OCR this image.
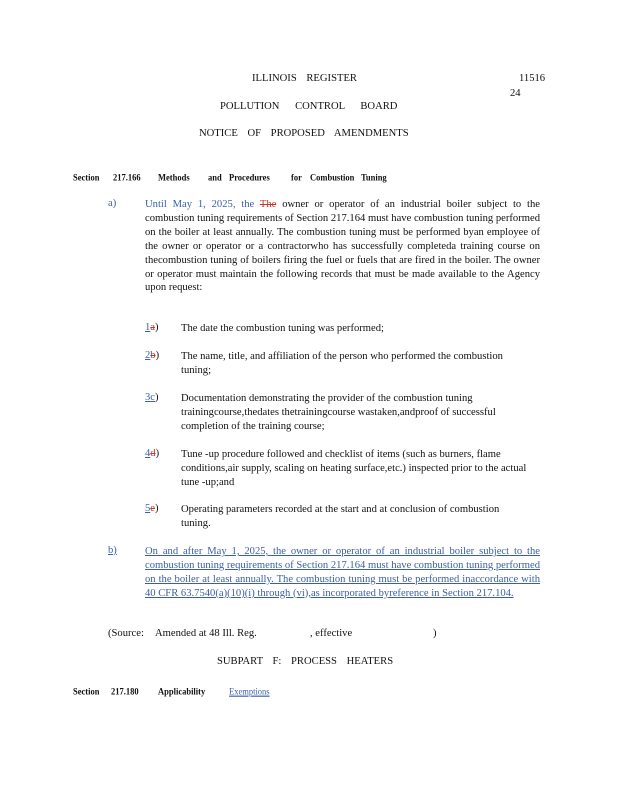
ILLINOIS REGISTER	11516
24
POLLUTION CONTROL BOARD
NOTICE OF PROPOSED AMENDMENTS
Section 217.166 Methods and Procedures for Combustion Tuning
a)	Until May 1, 2025, the The owner or operator of an industrial boiler subject to the combustion tuning requirements of Section 217.164 must have combustion tuning performed on the boiler at least annually. The combustion tuning must be performed byan employee of the owner or operator or a contractorwho has successfully completeda training course on thecombustion tuning of boilers firing the fuel or fuels that are fired in the boiler. The owner or operator must maintain the following records that must be made available to the Agency upon request:
1a) The date the combustion tuning was performed;
2b) The name, title, and affiliation of the person who performed the combustion tuning;
3c) Documentation demonstrating the provider of the combustion tuning trainingcourse,thedates thetrainingcourse wastaken,andproof of successful completion of the training course;
4d) Tune -up procedure followed and checklist of items (such as burners, flame conditions,air supply, scaling on heating surface,etc.) inspected prior to the actual tune -up;and
5e) Operating parameters recorded at the start and at conclusion of combustion tuning.
b)	On and after May 1, 2025, the owner or operator of an industrial boiler subject to the combustion tuning requirements of Section 217.164 must have combustion tuning performed on the boiler at least annually. The combustion tuning must be performed inaccordance with 40 CFR 63.7540(a)(10)(i) through (vi),as incorporated byreference in Section 217.104.
(Source: Amended at 48 Ill. Reg.	, effective	)
SUBPART F: PROCESS HEATERS
Section 217.180 Applicability	Exemptions
